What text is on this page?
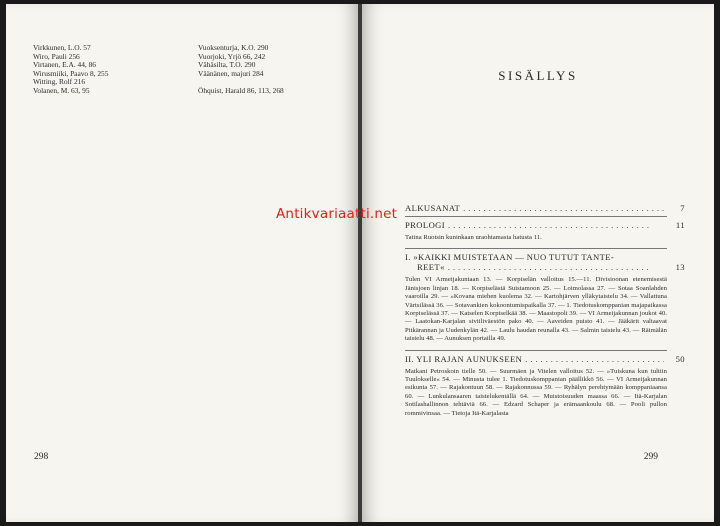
Virkkunen, L.O. 57
Wiro, Pauli 256
Virtanen, E.A. 44, 86
Wirusmiiki, Paavo 8, 255
Witting, Rolf 216
Volanen, M. 63, 95
Vuoksenturja, K.O. 290
Vuorjoki, Yrjö 66, 242
Vähäsilta, T.O. 290
Väänänen, majuri 284
Öhquist, Harald 86, 113, 268
298
SISÄLLYS
ALKUSANAT . . .	7
PROLOGI . . .	11
Tatina Ruotsin kuninkaan uraohtamasta hatusta 11.
I. »KAIKKI MUISTETAAN — NUO TUTUT TANTE-
REET« . . .	13
Tulen VI Armeijakuntaan 13. — Korpiselän valloitus 15.—11. Divisioonan etenemisestä Jänisjoen linjan 18. — Korpiselästä Suistamoon 25. — Loimolassa 27. — Sotaa Soanlahden vaaroilla 29. — »Kovana miehen kuolema 32. — Kartohjärven ylläkytaistelu 34. — Vallattuna Värtsilässä 36. — Sotavankien kokoontumispaikalla 37. — 1. Tiedotuskomppanian majapaikassa Korpiselässä 37. — Katselen Korpiselkää 38. — Maastopoli 39. — VI Armeijakunnan joukot 40. — Laatokan-Karjalan siviiliväestön pako 40. — Aaveiden puisto 41. — Jääkärit valtaavat Pitkärannan ja Uudenkylän 42. — Laulu haudan reunalla 43. — Salmin taistelu 43. — Räimälän taistelu 48. — Aunuksen portailla 49.
II. YLI RAJAN AUNUKSEEN . . .	50
Matkani Petroskoin tielle 50. — Suurmäen ja Vitelen valloitus 52. — »Tuiskuna kun tultiin Tuulokselle« 54. — Minusta tulee 1. Tiedotuskomppanian päällikkö 56. — VI Armeijakunnan esikunta 57. — Rajakontuun 58. — Rajakonnussa 59. — Ryhälyn perehtymään komppaniaansa 60. — Lunkulansaaren taistelukentällä 64. — Muistoisuuden maassa 66. — Itä-Karjalan Sotilashallinnon tehtäviä 66. — Edzard Schaper ja erämaankoulu 68. — Pooli pullon rommivinsaa. — Tietoja Itä-Karjalasta
299
Antikvariaatti.net
